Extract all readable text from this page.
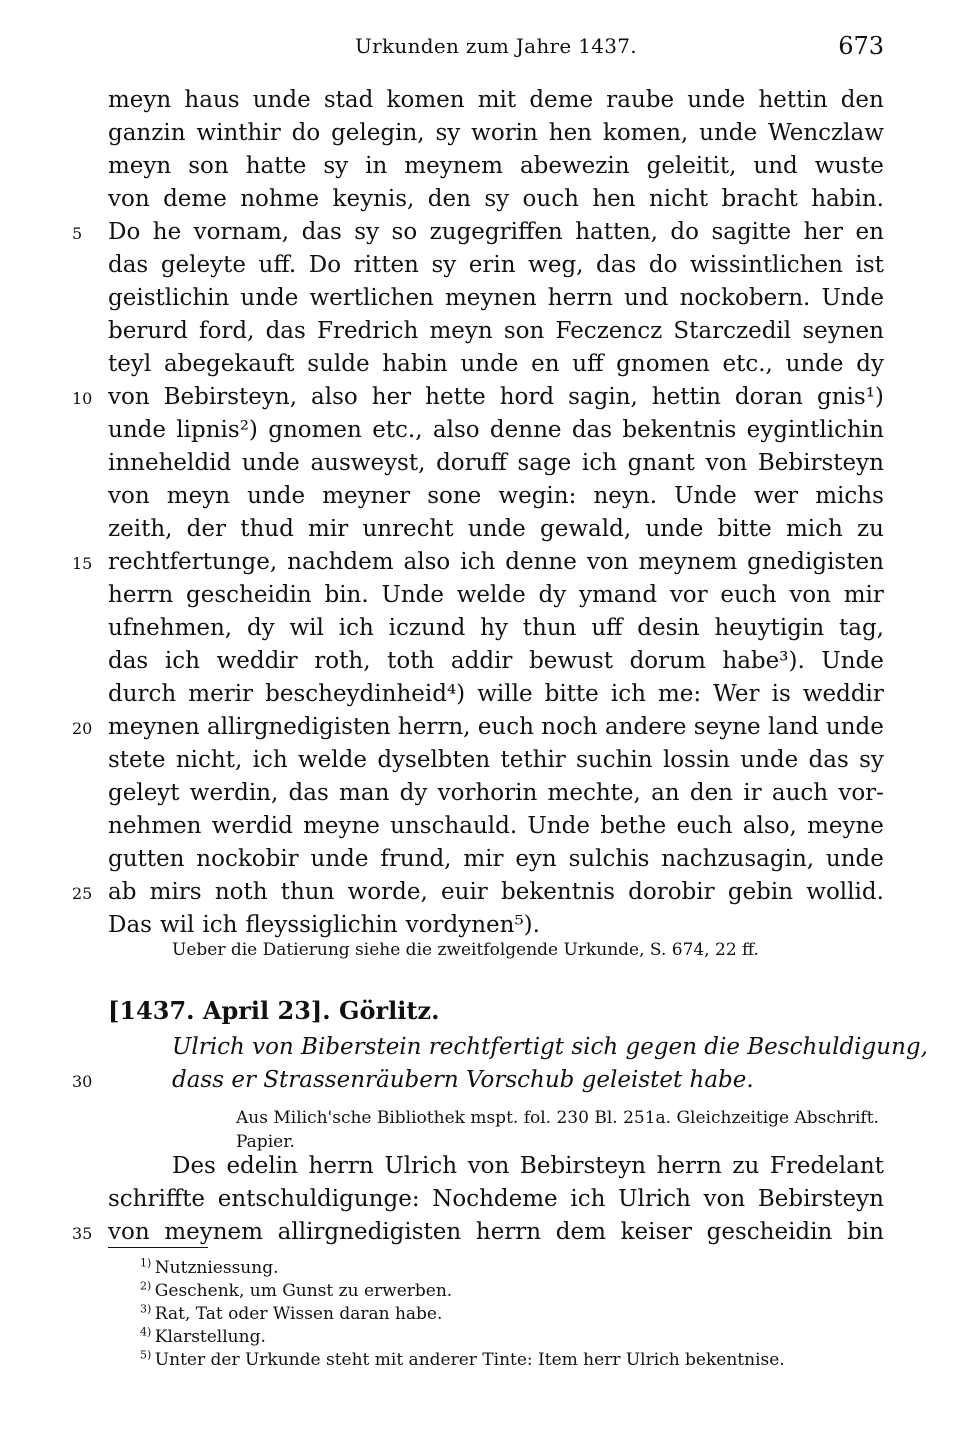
Urkunden zum Jahre 1437.	673
meyn haus unde stad komen mit deme raube unde hettin den
ganzin winthir do gelegin, sy worin hen komen, unde Wenczlaw
meyn son hatte sy in meynem abewezin geleitit, und wuste
von deme nohme keynis, den sy ouch hen nicht bracht habin.
5	Do he vornam, das sy so zugegriffen hatten, do sagitte her en
das geleyte uff. Do ritten sy erin weg, das do wissintlichen ist
geistlichin unde wertlichen meynen herrn und nockobern. Unde
berurd ford, das Fredrich meyn son Feczencz Starczedil seynen
teyl abegekauft sulde habin unde en uff gnomen etc., unde dy
10 von Bebirsteyn, also her hette hord sagin, hettin doran gnis¹)
unde lipnis²) gnomen etc., also denne das bekentnis eygintlichin
inneheldid unde ausweyst, doruff sage ich gnant von Bebirsteyn
von meyn unde meyner sone wegin: neyn. Unde wer michs
zeith, der thud mir unrecht unde gewald, unde bitte mich zu
15 rechtfertunge, nachdem also ich denne von meynem gnedigisten
herrn gescheidin bin. Unde welde dy ymand vor euch von mir
ufnehmen, dy wil ich iczund hy thun uff desin heuytigin tag,
das ich weddir roth, toth addir bewust dorum habe³). Unde
durch merir bescheydinheid⁴) wille bitte ich me: Wer is weddir
20 meynen allirgnedigisten herrn, euch noch andere seyne land unde
stete nicht, ich welde dyselbten tethir suchin lossin unde das sy
geleyt werdin, das man dy vorhorin mechte, an den ir auch vor-
nehmen werdid meyne unschauld. Unde bethe euch also, meyne
gutten nockobir unde frund, mir eyn sulchis nachzusagin, unde
25 ab mirs noth thun worde, euir bekentnis dorobir gebin wollid.
Das wil ich fleyssiglichin vordynen⁵).
Ueber die Datierung siehe die zweitfolgende Urkunde, S. 674, 22 ff.
[1437. April 23]. Görlitz.
Ulrich von Biberstein rechtfertigt sich gegen die Beschuldigung,
dass er Strassenräubern Vorschub geleistet habe.
30
Aus Milich'sche Bibliothek mspt. fol. 230 Bl. 251a. Gleichzeitige Abschrift. Papier.
Des edelin herrn Ulrich von Bebirsteyn herrn zu Fredelant
schriffte entschuldigunge: Nochdeme ich Ulrich von Bebirsteyn
35 von meynem allirgnedigisten herrn dem keiser gescheidin bin
$^{1)}$ Nutzniessung.
$^{2)}$ Geschenk, um Gunst zu erwerben.
$^{3)}$ Rat, Tat oder Wissen daran habe.
$^{4)}$ Klarstellung.
$^{5)}$ Unter der Urkunde steht mit anderer Tinte: Item herr Ulrich bekentnise.
